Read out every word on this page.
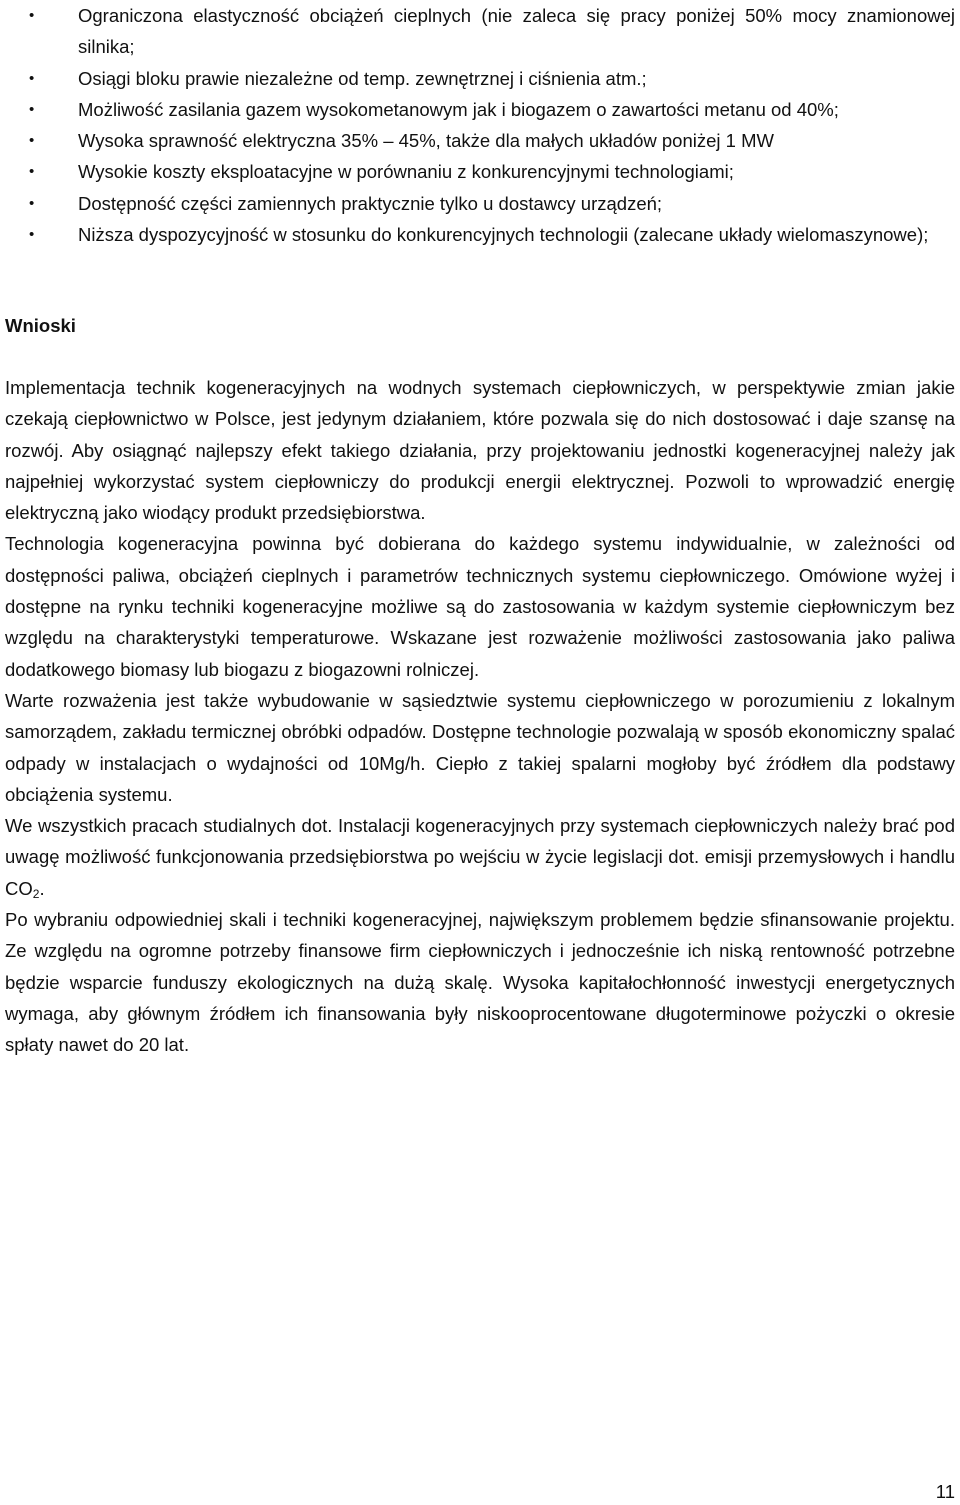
• Ograniczona elastyczność obciążeń cieplnych (nie zaleca się pracy poniżej 50% mocy znamionowej silnika;
• Osiągi bloku prawie niezależne od temp. zewnętrznej i ciśnienia atm.;
• Możliwość zasilania gazem wysokometanowym jak i biogazem o zawartości metanu od 40%;
• Wysoka sprawność elektryczna 35% – 45%, także dla małych układów poniżej 1 MW
• Wysokie koszty eksploatacyjne w porównaniu z konkurencyjnymi technologiami;
• Dostępność części zamiennych praktycznie tylko u dostawcy urządzeń;
• Niższa dyspozycyjność w stosunku do konkurencyjnych technologii (zalecane układy wielomaszynowe);
Wnioski

Implementacja technik kogeneracyjnych na wodnych systemach ciepłowniczych, w perspektywie zmian jakie czekają ciepłownictwo w Polsce, jest jedynym działaniem, które pozwala się do nich dostosować i daje szansę na rozwój. Aby osiągnąć najlepszy efekt takiego działania, przy projektowaniu jednostki kogeneracyjnej należy jak najpełniej wykorzystać system ciepłowniczy do produkcji energii elektrycznej. Pozwoli to wprowadzić energię elektryczną jako wiodący produkt przedsiębiorstwa.

Technologia kogeneracyjna powinna być dobierana do każdego systemu indywidualnie, w zależności od dostępności paliwa, obciążeń cieplnych i parametrów technicznych systemu ciepłowniczego. Omówione wyżej i dostępne na rynku techniki kogeneracyjne możliwe są do zastosowania w każdym systemie ciepłowniczym bez względu na charakterystyki temperaturowe. Wskazane jest rozważenie możliwości zastosowania jako paliwa dodatkowego biomasy lub biogazu z biogazowni rolniczej.

Warte rozważenia jest także wybudowanie w sąsiedztwie systemu ciepłowniczego w porozumieniu z lokalnym samorządem, zakładu termicznej obróbki odpadów. Dostępne technologie pozwalają w sposób ekonomiczny spalać odpady w instalacjach o wydajności od 10Mg/h. Ciepło z takiej spalarni mogłoby być źródłem dla podstawy obciążenia systemu.

We wszystkich pracach studialnych dot. Instalacji kogeneracyjnych przy systemach ciepłowniczych należy brać pod uwagę możliwość funkcjonowania przedsiębiorstwa po wejściu w życie legislacji dot. emisji przemysłowych i handlu $CO_2$.

Po wybraniu odpowiedniej skali i techniki kogeneracyjnej, największym problemem będzie sfinansowanie projektu. Ze względu na ogromne potrzeby finansowe firm ciepłowniczych i jednocześnie ich niską rentowność potrzebne będzie wsparcie funduszy ekologicznych na dużą skalę. Wysoka kapitałochłonność inwestycji energetycznych wymaga, aby głównym źródłem ich finansowania były niskooprocentowane długoterminowe pożyczki o okresie spłaty nawet do 20 lat.

11
